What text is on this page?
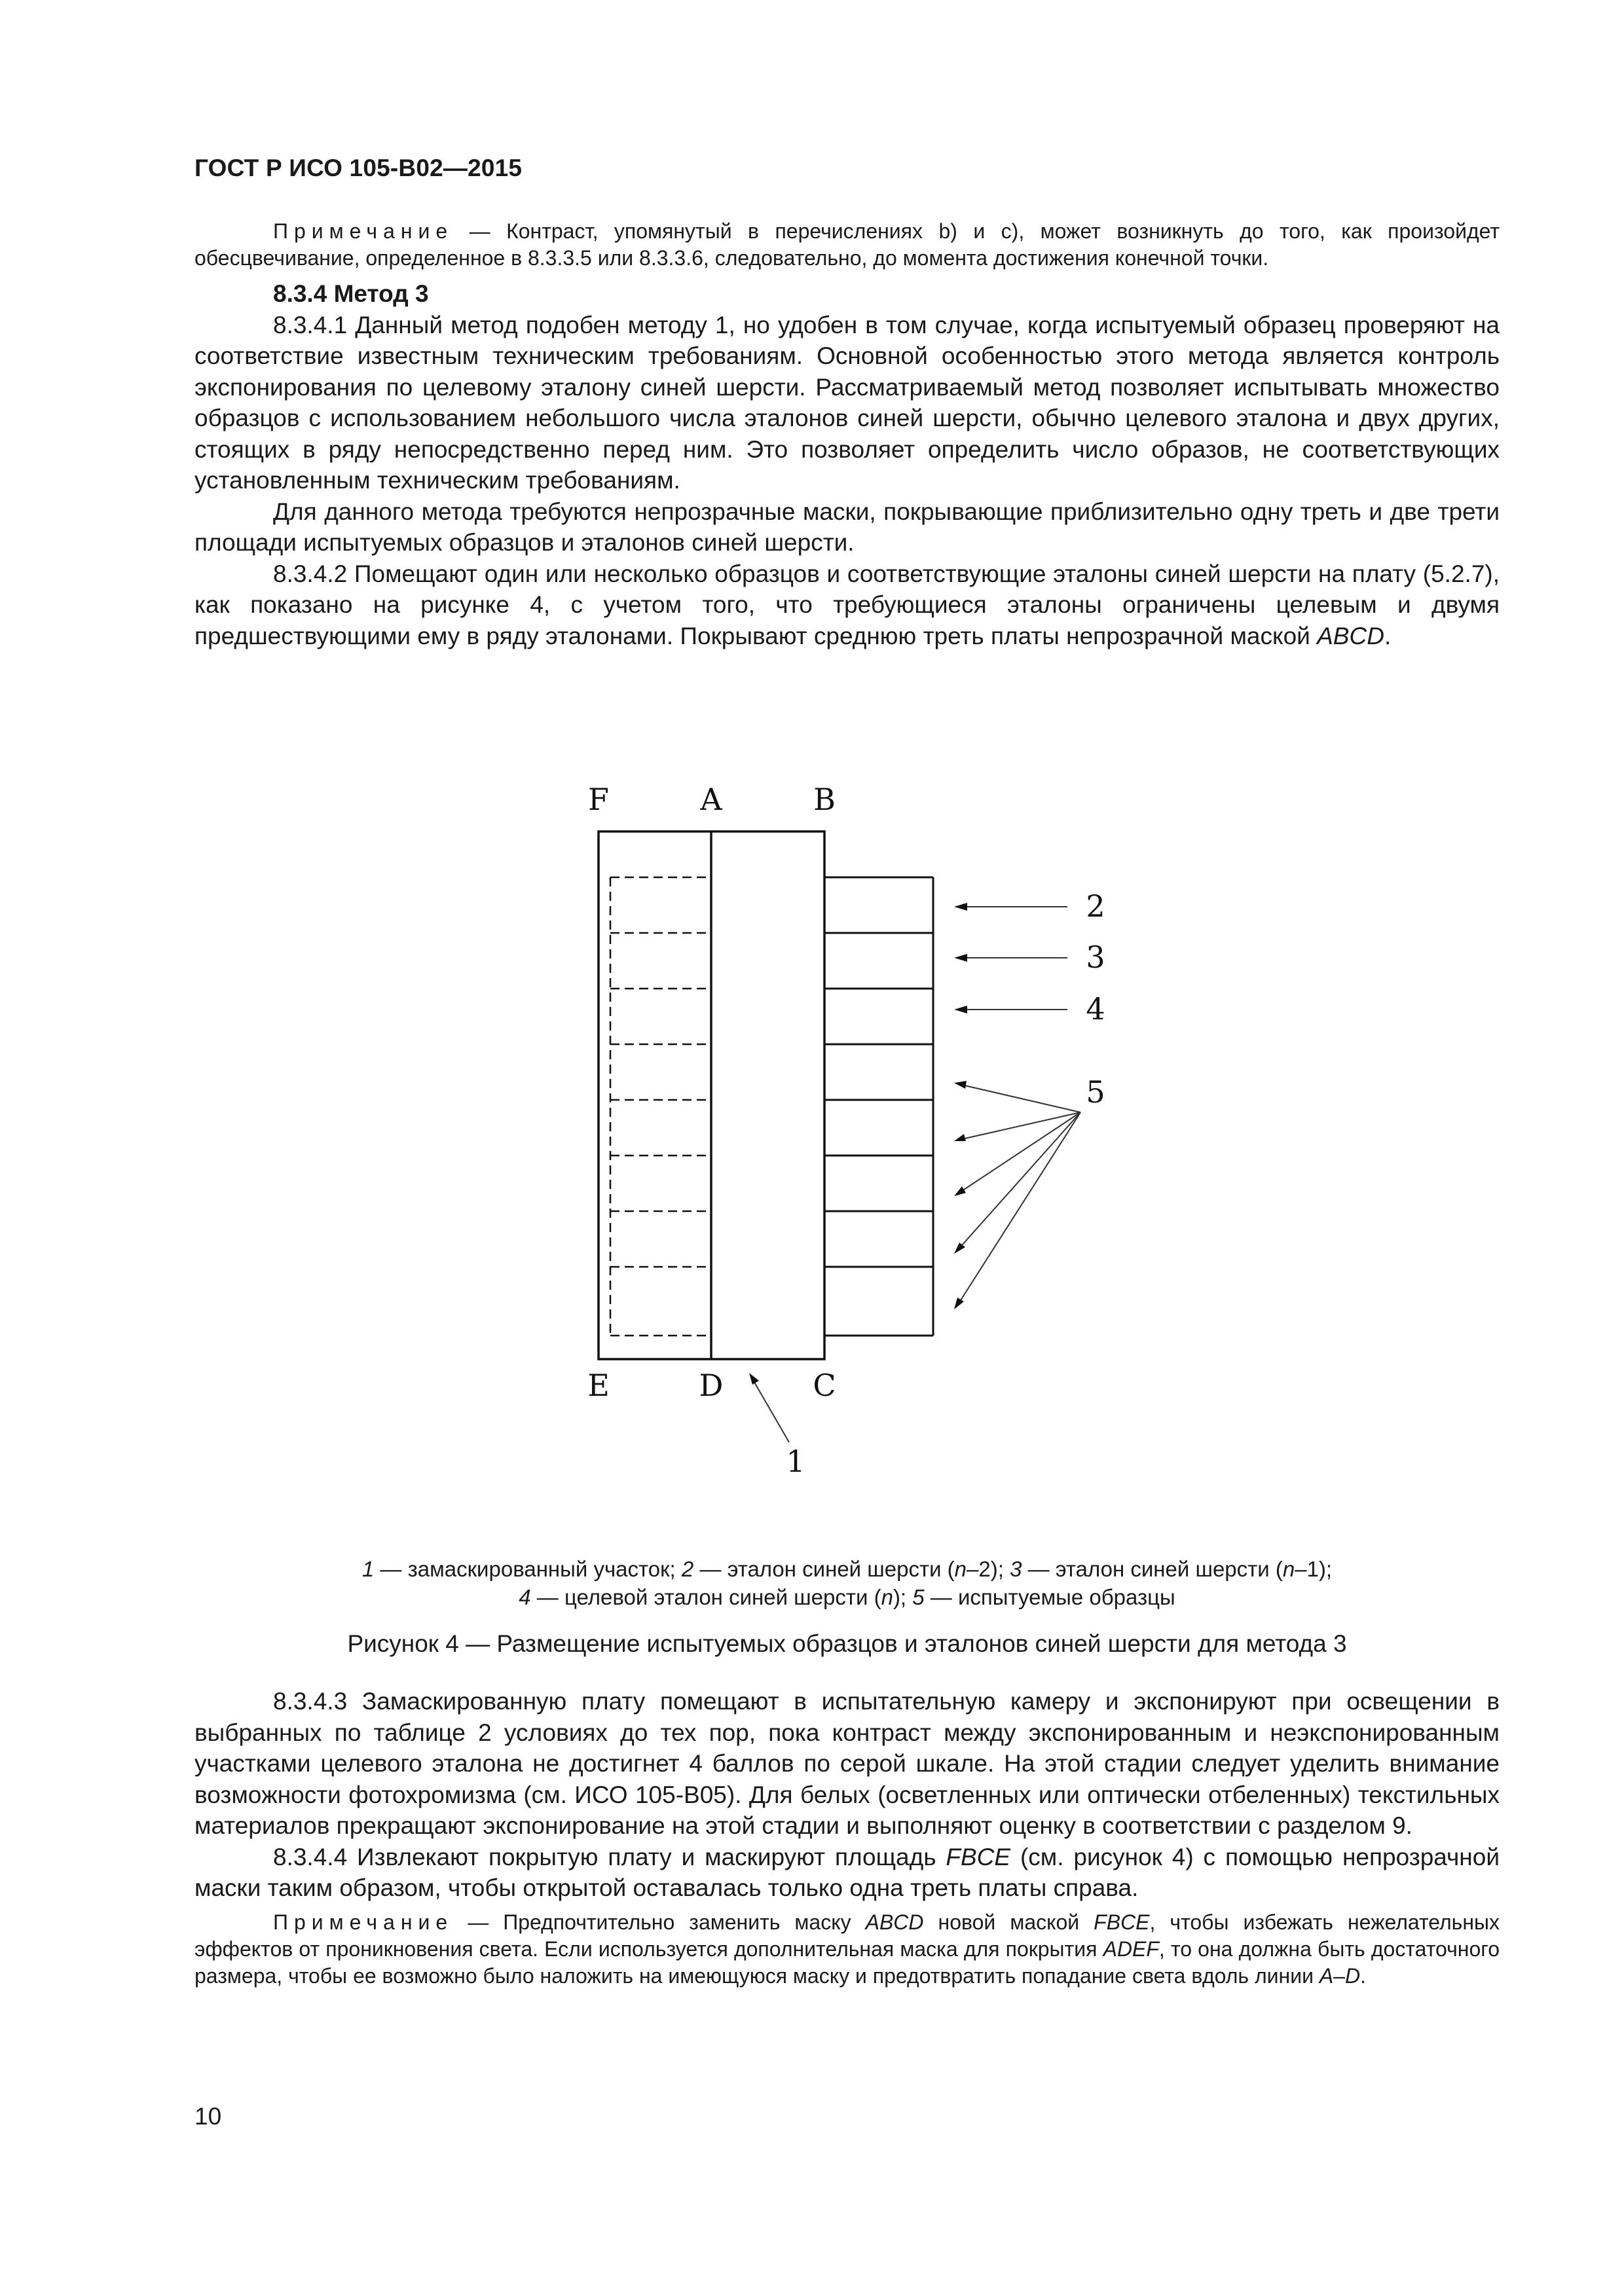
ГОСТ Р ИСО 105-В02—2015

Примечание — Контраст, упомянутый в перечислениях b) и с), может возникнуть до того, как произойдет обесцвечивание, определенное в 8.3.3.5 или 8.3.3.6, следовательно, до момента достижения конечной точки.

8.3.4 Метод 3

8.3.4.1 Данный метод подобен методу 1, но удобен в том случае, когда испытуемый образец проверяют на соответствие известным техническим требованиям. Основной особенностью этого метода является контроль экспонирования по целевому эталону синей шерсти. Рассматриваемый метод позволяет испытывать множество образцов с использованием небольшого числа эталонов синей шерсти, обычно целевого эталона и двух других, стоящих в ряду непосредственно перед ним. Это позволяет определить число образов, не соответствующих установленным техническим требованиям.

Для данного метода требуются непрозрачные маски, покрывающие приблизительно одну треть и две трети площади испытуемых образцов и эталонов синей шерсти.

8.3.4.2 Помещают один или несколько образцов и соответствующие эталоны синей шерсти на плату (5.2.7), как показано на рисунке 4, с учетом того, что требующиеся эталоны ограничены целевым и двумя предшествующими ему в ряду эталонами. Покрывают среднюю треть платы непрозрачной маской ABCD.

F	A	B
E	D	C
2
3
4
5
1
1 — замаскированный участок; 2 — эталон синей шерсти (n–2); 3 — эталон синей шерсти (n–1);
4 — целевой эталон синей шерсти (n); 5 — испытуемые образцы
Рисунок 4 — Размещение испытуемых образцов и эталонов синей шерсти для метода 3

8.3.4.3 Замаскированную плату помещают в испытательную камеру и экспонируют при освещении в выбранных по таблице 2 условиях до тех пор, пока контраст между экспонированным и неэкспонированным участками целевого эталона не достигнет 4 баллов по серой шкале. На этой стадии следует уделить внимание возможности фотохромизма (см. ИСО 105-В05). Для белых (осветленных или оптически отбеленных) текстильных материалов прекращают экспонирование на этой стадии и выполняют оценку в соответствии с разделом 9.

8.3.4.4 Извлекают покрытую плату и маскируют площадь FBCE (см. рисунок 4) с помощью непрозрачной маски таким образом, чтобы открытой оставалась только одна треть платы справа.

Примечание — Предпочтительно заменить маску ABCD новой маской FBCE, чтобы избежать нежелательных эффектов от проникновения света. Если используется дополнительная маска для покрытия ADEF, то она должна быть достаточного размера, чтобы ее возможно было наложить на имеющуюся маску и предотвратить попадание света вдоль линии A–D.

10
